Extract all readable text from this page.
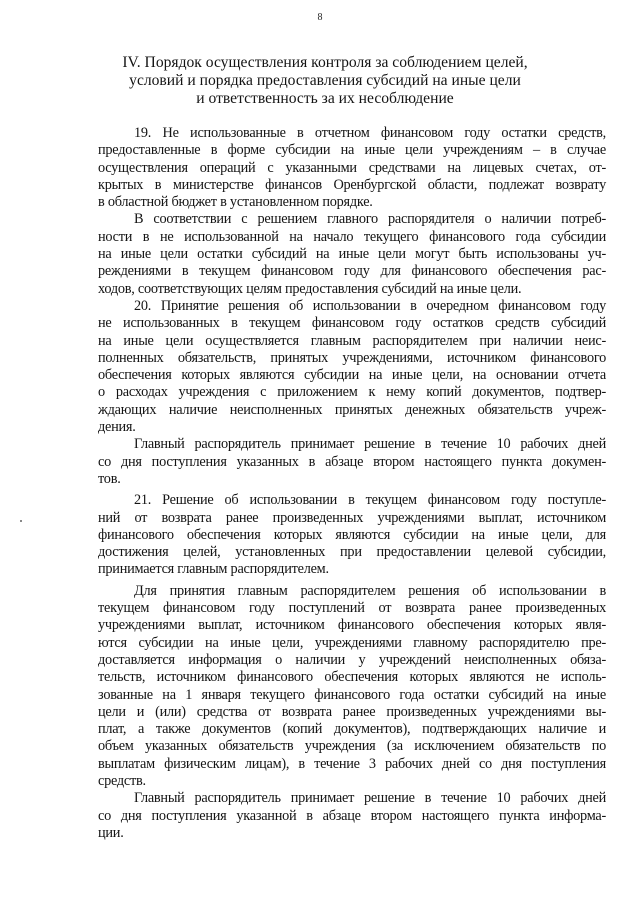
8
IV. Порядок осуществления контроля за соблюдением целей,
условий и порядка предоставления субсидий на иные цели
и ответственность за их несоблюдение
19. Не использованные в отчетном финансовом году остатки средств,
предоставленные в форме субсидии на иные цели учреждениям – в случае
осуществления операций с указанными средствами на лицевых счетах, от-
крытых в министерстве финансов Оренбургской области, подлежат возврату
в областной бюджет в установленном порядке.
В соответствии с решением главного распорядителя о наличии потреб-
ности в не использованной на начало текущего финансового года субсидии
на иные цели остатки субсидий на иные цели могут быть использованы уч-
реждениями в текущем финансовом году для финансового обеспечения рас-
ходов, соответствующих целям предоставления субсидий на иные цели.
20. Принятие решения об использовании в очередном финансовом году
не использованных в текущем финансовом году остатков средств субсидий
на иные цели осуществляется главным распорядителем при наличии неис-
полненных обязательств, принятых учреждениями, источником финансового
обеспечения которых являются субсидии на иные цели, на основании отчета
о расходах учреждения с приложением к нему копий документов, подтвер-
ждающих наличие неисполненных принятых денежных обязательств учреж-
дения.
Главный распорядитель принимает решение в течение 10 рабочих дней
со дня поступления указанных в абзаце втором настоящего пункта докумен-
тов.
21. Решение об использовании в текущем финансовом году поступле-
ний от возврата ранее произведенных учреждениями выплат, источником
финансового обеспечения которых являются субсидии на иные цели, для
достижения целей, установленных при предоставлении целевой субсидии,
принимается главным распорядителем.
Для принятия главным распорядителем решения об использовании в
текущем финансовом году поступлений от возврата ранее произведенных
учреждениями выплат, источником финансового обеспечения которых явля-
ются субсидии на иные цели, учреждениями главному распорядителю пре-
доставляется информация о наличии у учреждений неисполненных обяза-
тельств, источником финансового обеспечения которых являются не исполь-
зованные на 1 января текущего финансового года остатки субсидий на иные
цели и (или) средства от возврата ранее произведенных учреждениями вы-
плат, а также документов (копий документов), подтверждающих наличие и
объем указанных обязательств учреждения (за исключением обязательств по
выплатам физическим лицам), в течение 3 рабочих дней со дня поступления
средств.
Главный распорядитель принимает решение в течение 10 рабочих дней
со дня поступления указанной в абзаце втором настоящего пункта информа-
ции.
